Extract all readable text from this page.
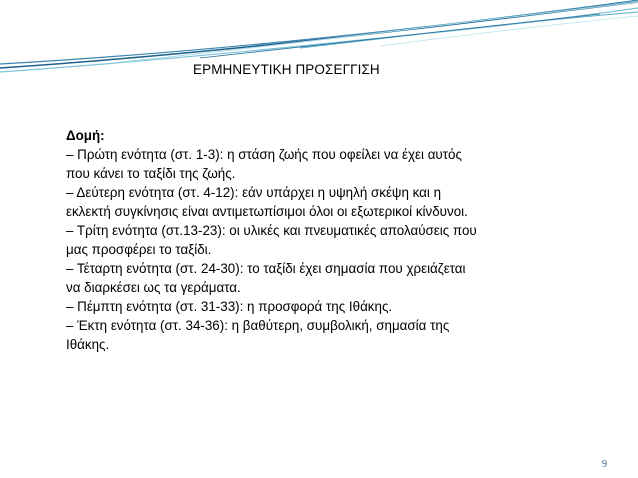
ΕΡΜΗΝΕΥΤΙΚΗ ΠΡΟΣΕΓΓΙΣΗ
Δομή:
– Πρώτη ενότητα (στ. 1-3): η στάση ζωής που οφείλει να έχει αυτός
που κάνει το ταξίδι της ζωής.
– Δεύτερη ενότητα (στ. 4-12): εάν υπάρχει η υψηλή σκέψη και η
εκλεκτή συγκίνησις είναι αντιμετωπίσιμοι όλοι οι εξωτερικοί κίνδυνοι.
– Τρίτη ενότητα (στ.13-23): οι υλικές και πνευματικές απολαύσεις που
μας προσφέρει το ταξίδι.
– Τέταρτη ενότητα (στ. 24-30): το ταξίδι έχει σημασία που χρειάζεται
να διαρκέσει ως τα γεράματα.
– Πέμπτη ενότητα (στ. 31-33): η προσφορά της Ιθάκης.
– Έκτη ενότητα (στ. 34-36): η βαθύτερη, συμβολική, σημασία της
Ιθάκης.
9
